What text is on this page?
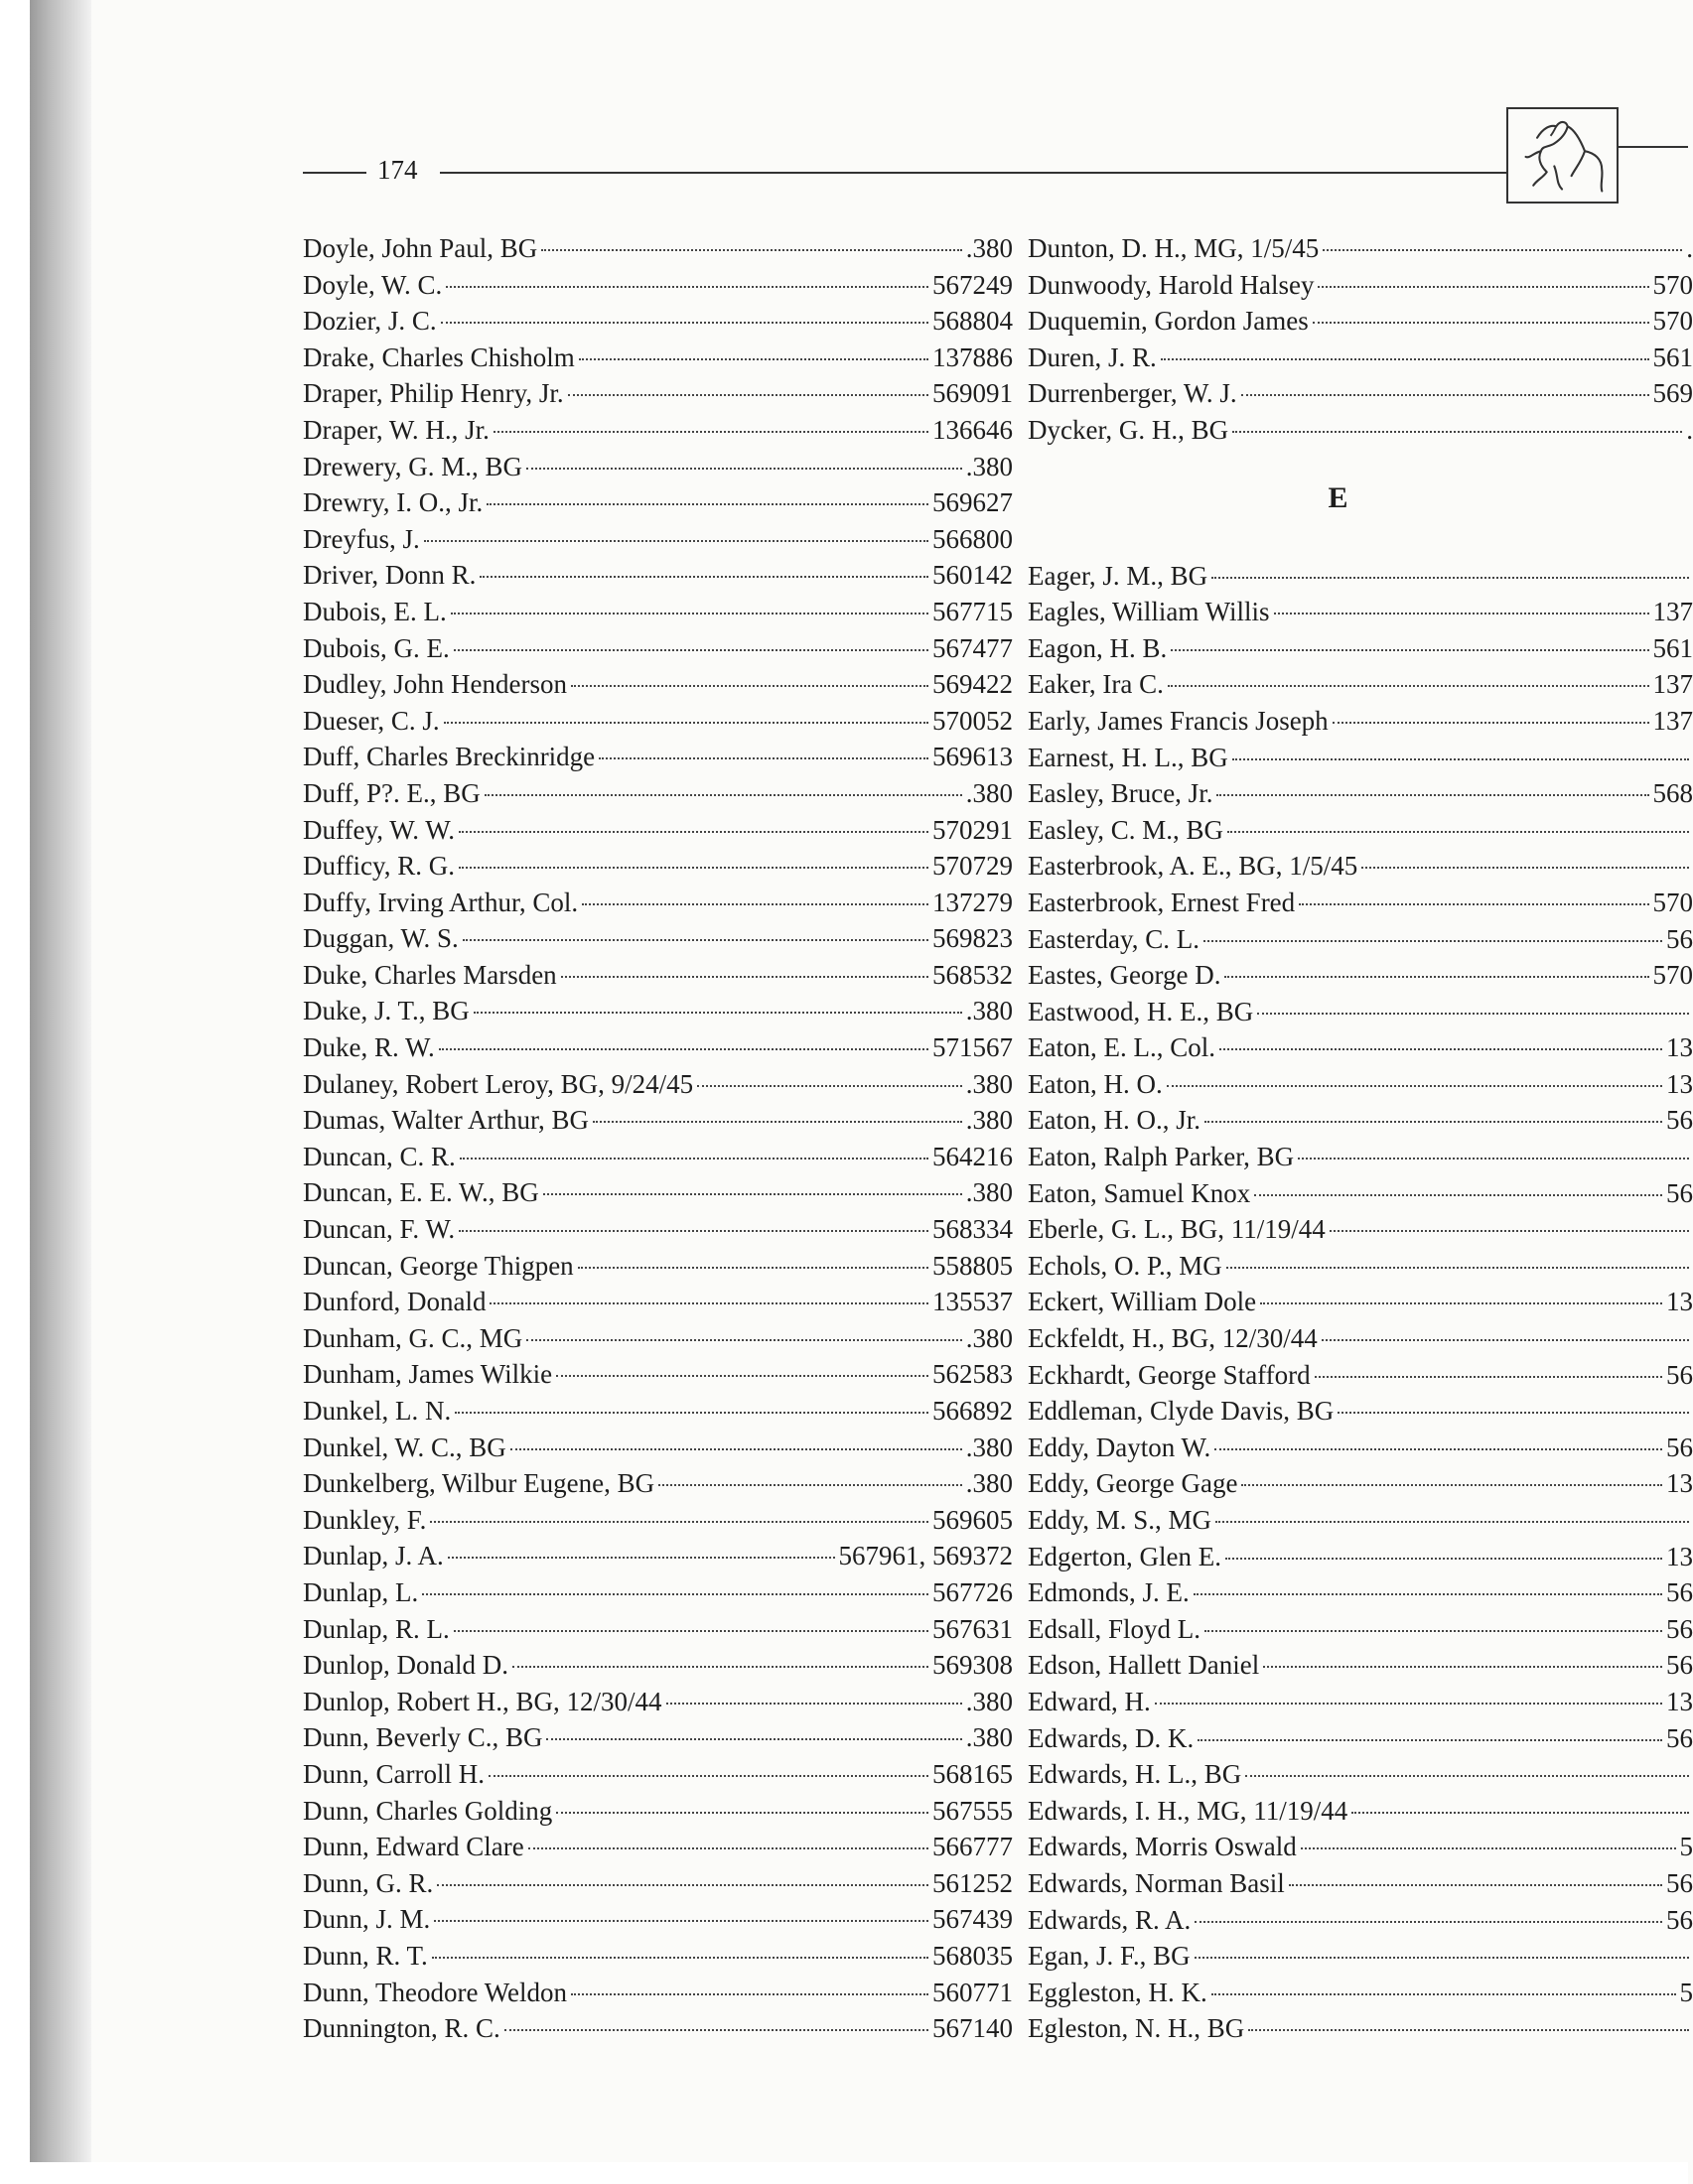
174
Doyle, John Paul, BG	.380
Doyle, W. C.	567249
Dozier, J. C.	568804
Drake, Charles Chisholm	137886
Draper, Philip Henry, Jr.	569091
Draper, W. H., Jr.	136646
Drewery, G. M., BG	.380
Drewry, I. O., Jr.	569627
Dreyfus, J.	566800
Driver, Donn R.	560142
Dubois, E. L.	567715
Dubois, G. E.	567477
Dudley, John Henderson	569422
Dueser, C. J.	570052
Duff, Charles Breckinridge	569613
Duff, P?. E., BG	.380
Duffey, W. W.	570291
Dufficy, R. G.	570729
Duffy, Irving Arthur, Col.	137279
Duggan, W. S.	569823
Duke, Charles Marsden	568532
Duke, J. T., BG	.380
Duke, R. W.	571567
Dulaney, Robert Leroy, BG, 9/24/45	.380
Dumas, Walter Arthur, BG	.380
Duncan, C. R.	564216
Duncan, E. E. W., BG	.380
Duncan, F. W.	568334
Duncan, George Thigpen	558805
Dunford, Donald	135537
Dunham, G. C., MG	.380
Dunham, James Wilkie	562583
Dunkel, L. N.	566892
Dunkel, W. C., BG	.380
Dunkelberg, Wilbur Eugene, BG	.380
Dunkley, F.	569605
Dunlap, J. A.	567961, 569372
Dunlap, L.	567726
Dunlap, R. L.	567631
Dunlop, Donald D.	569308
Dunlop, Robert H., BG, 12/30/44	.380
Dunn, Beverly C., BG	.380
Dunn, Carroll H.	568165
Dunn, Charles Golding	567555
Dunn, Edward Clare	566777
Dunn, G. R.	561252
Dunn, J. M.	567439
Dunn, R. T.	568035
Dunn, Theodore Weldon	560771
Dunnington, R. C.	567140
Dunton, D. H., MG, 1/5/45	.
Dunwoody, Harold Halsey	570
Duquemin, Gordon James	570
Duren, J. R.	561
Durrenberger, W. J.	569
Dycker, G. H., BG	.
E
Eager, J. M., BG
Eagles, William Willis	137
Eagon, H. B.	561
Eaker, Ira C.	137
Early, James Francis Joseph	137
Earnest, H. L., BG
Easley, Bruce, Jr.	568
Easley, C. M., BG
Easterbrook, A. E., BG, 1/5/45
Easterbrook, Ernest Fred	570
Easterday, C. L.	56
Eastes, George D.	570
Eastwood, H. E., BG
Eaton, E. L., Col.	13
Eaton, H. O.	13
Eaton, H. O., Jr.	56
Eaton, Ralph Parker, BG
Eaton, Samuel Knox	56
Eberle, G. L., BG, 11/19/44
Echols, O. P., MG
Eckert, William Dole	13
Eckfeldt, H., BG, 12/30/44
Eckhardt, George Stafford	56
Eddleman, Clyde Davis, BG
Eddy, Dayton W.	56
Eddy, George Gage	13
Eddy, M. S., MG
Edgerton, Glen E.	13
Edmonds, J. E.	56
Edsall, Floyd L.	56
Edson, Hallett Daniel	56
Edward, H.	13
Edwards, D. K.	56
Edwards, H. L., BG
Edwards, I. H., MG, 11/19/44
Edwards, Morris Oswald	5
Edwards, Norman Basil	56
Edwards, R. A.	56
Egan, J. F., BG
Eggleston, H. K.	5
Egleston, N. H., BG
